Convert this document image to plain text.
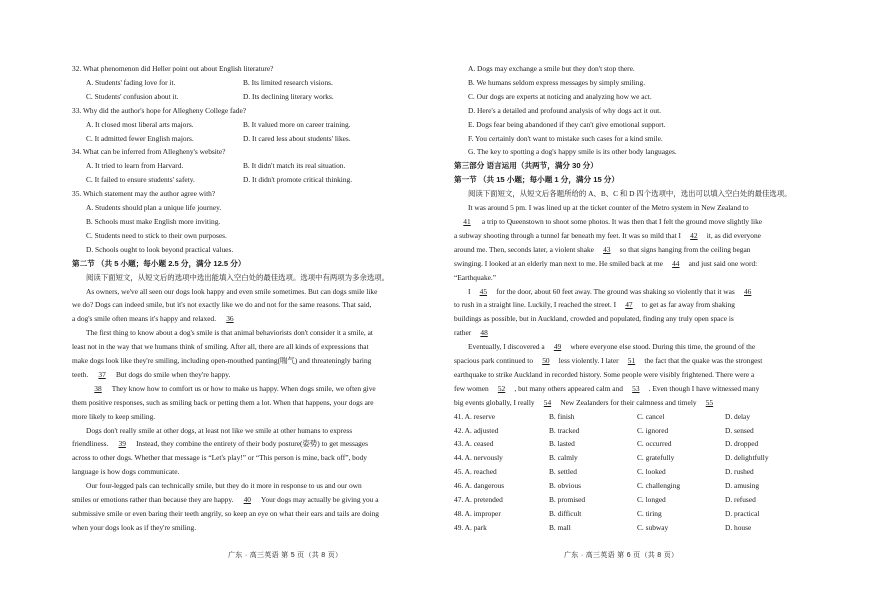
32. What phenomenon did Heller point out about English literature?
A. Students' fading love for it.	B. Its limited research visions.
C. Students' confusion about it.	D. Its declining literary works.
33. Why did the author's hope for Allegheny College fade?
A. It closed most liberal arts majors.	B. It valued more on career training.
C. It admitted fewer English majors.	D. It cared less about students' likes.
34. What can be inferred from Allegheny's website?
A. It tried to learn from Harvard.	B. It didn't match its real situation.
C. It failed to ensure students' safety.	D. It didn't promote critical thinking.
35. Which statement may the author agree with?
A. Students should plan a unique life journey.
B. Schools must make English more inviting.
C. Students need to stick to their own purposes.
D. Schools ought to look beyond practical values.
第二节 （共 5 小题；每小题 2.5 分，满分 12.5 分）
阅读下面短文，从短文后的选项中选出能填入空白处的最佳选项。选项中有两项为多余选项。
As owners, we've all seen our dogs look happy and even smile sometimes. But can dogs smile like
we do? Dogs can indeed smile, but it's not exactly like we do and not for the same reasons. That said,
a dog's smile often means it's happy and relaxed. 36
The first thing to know about a dog's smile is that animal behaviorists don't consider it a smile, at
least not in the way that we humans think of smiling. After all, there are all kinds of expressions that
make dogs look like they're smiling, including open-mouthed panting(喘气) and threateningly baring
teeth. 37 But dogs do smile when they're happy.
38 They know how to comfort us or how to make us happy. When dogs smile, we often give
them positive responses, such as smiling back or petting them a lot. When that happens, your dogs are
more likely to keep smiling.
Dogs don't really smile at other dogs, at least not like we smile at other humans to express
friendliness. 39 Instead, they combine the entirety of their body posture(姿势) to get messages
across to other dogs. Whether that message is “Let's play!” or “This person is mine, back off”, body
language is how dogs communicate.
Our four-legged pals can technically smile, but they do it more in response to us and our own
smiles or emotions rather than because they are happy. 40 Your dogs may actually be giving you a
submissive smile or even baring their teeth angrily, so keep an eye on what their ears and tails are doing
when your dogs look as if they're smiling.
A. Dogs may exchange a smile but they don't stop there.
B. We humans seldom express messages by simply smiling.
C. Our dogs are experts at noticing and analyzing how we act.
D. Here's a detailed and profound analysis of why dogs act it out.
E. Dogs fear being abandoned if they can't give emotional support.
F. You certainly don't want to mistake such cases for a kind smile.
G. The key to spotting a dog's happy smile is its other body languages.
第三部分 语言运用（共两节，满分 30 分）
第一节 （共 15 小题；每小题 1 分，满分 15 分）
阅读下面短文，从短文后各题所给的 A、B、C 和 D 四个选项中，选出可以填入空白处的最佳选项。
It was around 5 pm. I was lined up at the ticket counter of the Metro system in New Zealand to
41 a trip to Queenstown to shoot some photos. It was then that I felt the ground move slightly like
a subway shooting through a tunnel far beneath my feet. It was so mild that I 42 it, as did everyone
around me. Then, seconds later, a violent shake 43 so that signs hanging from the ceiling began
swinging. I looked at an elderly man next to me. He smiled back at me 44 and just said one word:
“Earthquake.”
I 45 for the door, about 60 feet away. The ground was shaking so violently that it was 46
to rush in a straight line. Luckily, I reached the street. I 47 to get as far away from shaking
buildings as possible, but in Auckland, crowded and populated, finding any truly open space is
rather 48
Eventually, I discovered a 49 where everyone else stood. During this time, the ground of the
spacious park continued to 50 less violently. I later 51 the fact that the quake was the strongest
earthquake to strike Auckland in recorded history. Some people were visibly frightened. There were a
few women 52 , but many others appeared calm and 53 . Even though I have witnessed many
big events globally, I really 54 New Zealanders for their calmness and timely 55
41. A. reserve	B. finish	C. cancel	D. delay
42. A. adjusted	B. tracked	C. ignored	D. sensed
43. A. ceased	B. lasted	C. occurred	D. dropped
44. A. nervously	B. calmly	C. gratefully	D. delightfully
45. A. reached	B. settled	C. looked	D. rushed
46. A. dangerous	B. obvious	C. challenging	D. amusing
47. A. pretended	B. promised	C. longed	D. refused
48. A. improper	B. difficult	C. tiring	D. practical
49. A. park	B. mall	C. subway	D. house
广东 · 高三英语 第 5 页（共 8 页）	广东 · 高三英语 第 6 页（共 8 页）
